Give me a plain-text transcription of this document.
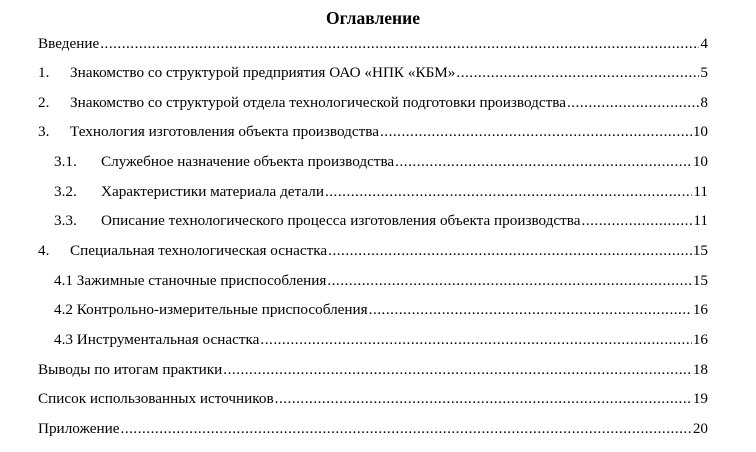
Оглавление
Введение .....	4
1.	Знакомство со структурой предприятия ОАО «НПК «КБМ» .....	5
2.	Знакомство со структурой отдела технологической подготовки производства .....	8
3.	Технология изготовления объекта производства .....	10
3.1.	Служебное назначение объекта производства .....	10
3.2.	Характеристики материала детали .....	11
3.3.	Описание технологического процесса изготовления объекта производства .....	11
4.	Специальная технологическая оснастка .....	15
4.1 Зажимные станочные приспособления .....	15
4.2 Контрольно-измерительные приспособления .....	16
4.3 Инструментальная оснастка .....	16
Выводы по итогам практики .....	18
Список использованных источников .....	19
Приложение .....	20
